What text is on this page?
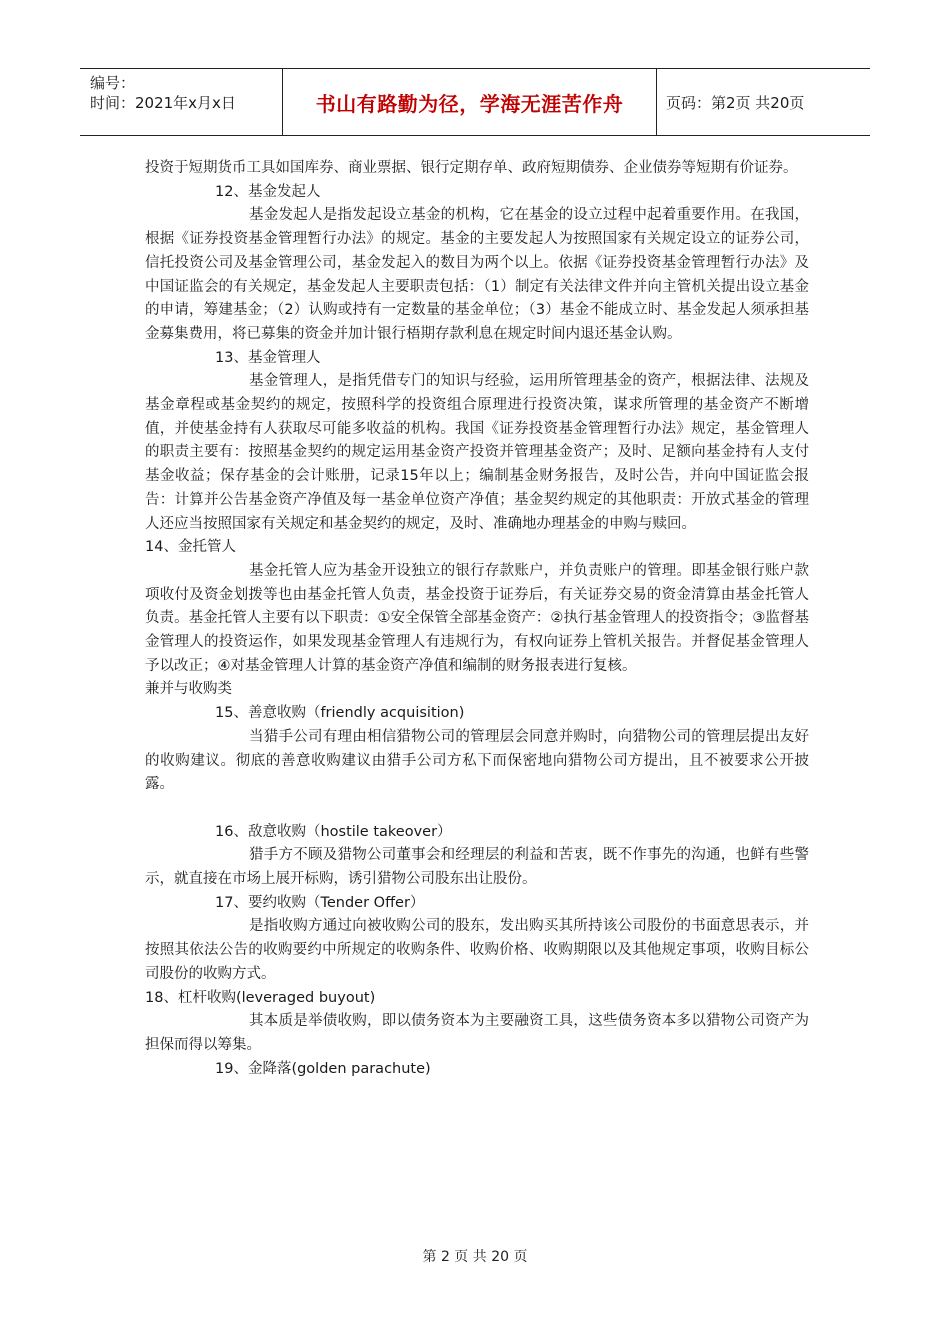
编号：
时间：2021年x月x日	书山有路勤为径，学海无涯苦作舟	页码：第2页 共20页

投资于短期货币工具如国库券、商业票据、银行定期存单、政府短期债券、企业债券等短期有价证券。

12、基金发起人

基金发起人是指发起设立基金的机构，它在基金的设立过程中起着重要作用。在我国，根据《证券投资基金管理暂行办法》的规定。基金的主要发起人为按照国家有关规定设立的证券公司，信托投资公司及基金管理公司，基金发起入的数目为两个以上。依据《证券投资基金管理暂行办法》及中国证监会的有关规定，基金发起人主要职责包括：（1）制定有关法律文件并向主管机关提出设立基金的申请，筹建基金；（2）认购或持有一定数量的基金单位；（3）基金不能成立时、基金发起人须承担基金募集费用，将已募集的资金并加计银行梧期存款利息在规定时间内退还基金认购。

13、基金管理人

基金管理人，是指凭借专门的知识与经验，运用所管理基金的资产，根据法律、法规及基金章程或基金契约的规定，按照科学的投资组合原理进行投资决策，谋求所管理的基金资产不断增值，并使基金持有人获取尽可能多收益的机构。我国《证券投资基金管理暂行办法》规定，基金管理人的职责主要有：按照基金契约的规定运用基金资产投资并管理基金资产；及时、足额向基金持有人支付基金收益；保存基金的会计账册，记录15年以上；编制基金财务报告，及时公告，并向中国证监会报告：计算并公告基金资产净值及每一基金单位资产净值；基金契约规定的其他职责：开放式基金的管理人还应当按照国家有关规定和基金契约的规定，及时、准确地办理基金的申购与赎回。

14、金托管人

基金托管人应为基金开设独立的银行存款账户，并负责账户的管理。即基金银行账户款项收付及资金划拨等也由基金托管人负责，基金投资于证券后，有关证券交易的资金清算由基金托管人负责。基金托管人主要有以下职责：①安全保管全部基金资产：②执行基金管理人的投资指令；③监督基金管理人的投资运作，如果发现基金管理人有违规行为，有权向证券上管机关报告。并督促基金管理人予以改正；④对基金管理人计算的基金资产净值和编制的财务报表进行复核。

兼并与收购类

15、善意收购（friendly acquisition)

当猎手公司有理由相信猎物公司的管理层会同意并购时，向猎物公司的管理层提出友好的收购建议。彻底的善意收购建议由猎手公司方私下而保密地向猎物公司方提出，且不被要求公开披露。

16、敌意收购（hostile takeover）

猎手方不顾及猎物公司董事会和经理层的利益和苦衷，既不作事先的沟通，也鲜有些警示，就直接在市场上展开标购，诱引猎物公司股东出让股份。

17、要约收购（Tender Offer）

是指收购方通过向被收购公司的股东，发出购买其所持该公司股份的书面意思表示，并按照其依法公告的收购要约中所规定的收购条件、收购价格、收购期限以及其他规定事项，收购目标公司股份的收购方式。

18、杠杆收购(leveraged buyout)

其本质是举债收购，即以债务资本为主要融资工具，这些债务资本多以猎物公司资产为担保而得以筹集。

19、金降落(golden parachute)

第 2 页 共 20 页
